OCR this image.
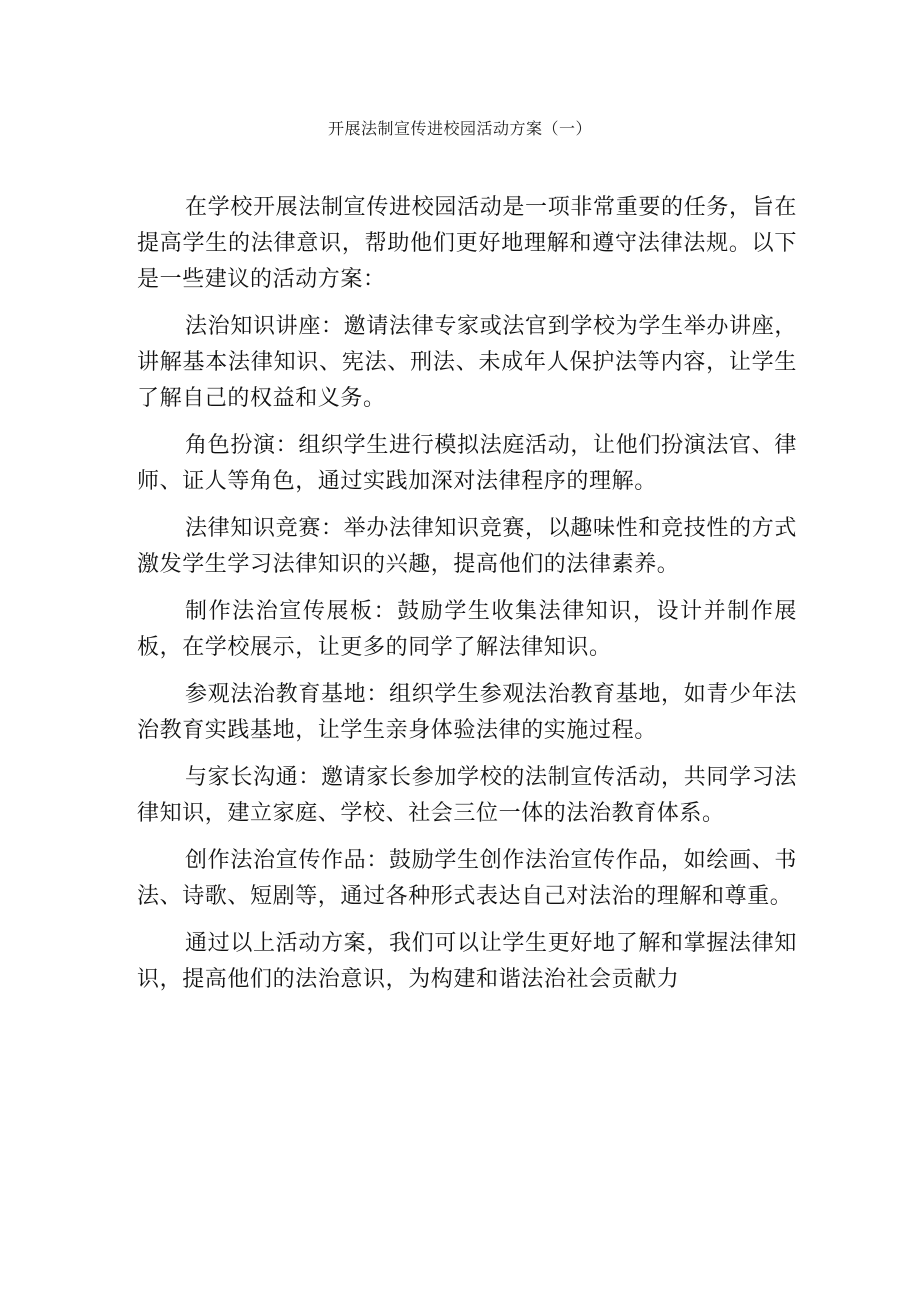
开展法制宣传进校园活动方案（一）

在学校开展法制宣传进校园活动是一项非常重要的任务，旨在提高学生的法律意识，帮助他们更好地理解和遵守法律法规。以下是一些建议的活动方案：

法治知识讲座：邀请法律专家或法官到学校为学生举办讲座，讲解基本法律知识、宪法、刑法、未成年人保护法等内容，让学生了解自己的权益和义务。

角色扮演：组织学生进行模拟法庭活动，让他们扮演法官、律师、证人等角色，通过实践加深对法律程序的理解。

法律知识竞赛：举办法律知识竞赛，以趣味性和竞技性的方式激发学生学习法律知识的兴趣，提高他们的法律素养。

制作法治宣传展板：鼓励学生收集法律知识，设计并制作展板，在学校展示，让更多的同学了解法律知识。

参观法治教育基地：组织学生参观法治教育基地，如青少年法治教育实践基地，让学生亲身体验法律的实施过程。

与家长沟通：邀请家长参加学校的法制宣传活动，共同学习法律知识，建立家庭、学校、社会三位一体的法治教育体系。

创作法治宣传作品：鼓励学生创作法治宣传作品，如绘画、书法、诗歌、短剧等，通过各种形式表达自己对法治的理解和尊重。

通过以上活动方案，我们可以让学生更好地了解和掌握法律知识，提高他们的法治意识，为构建和谐法治社会贡献力
